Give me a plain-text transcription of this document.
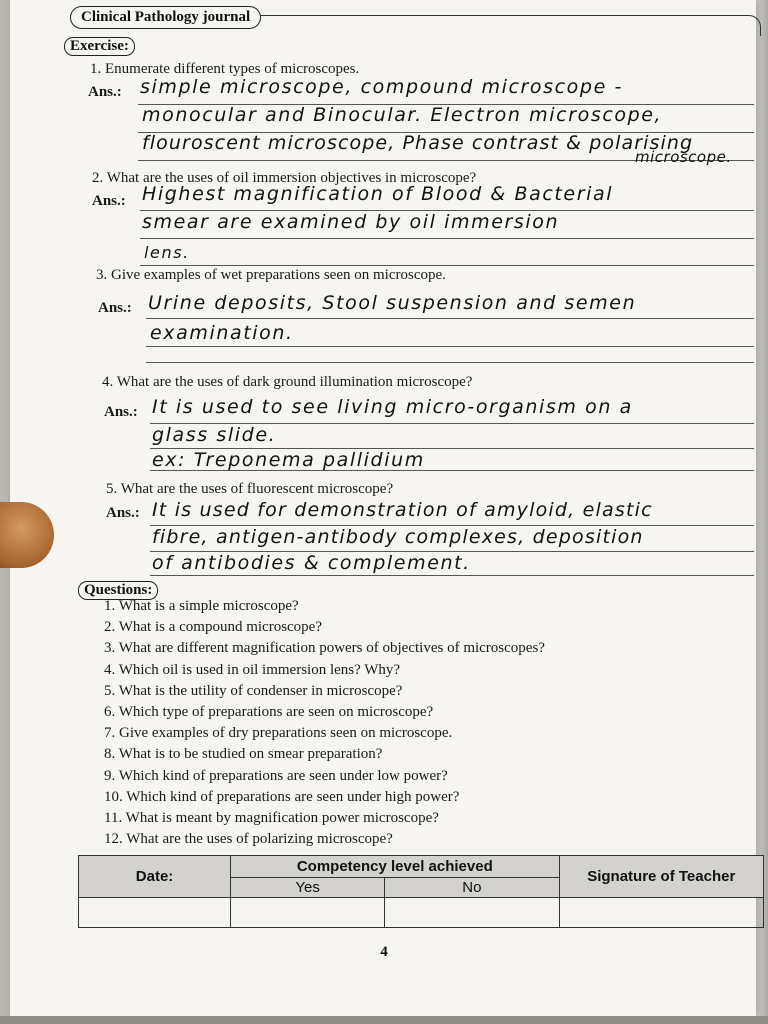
Clinical Pathology journal
Exercise:
1. Enumerate different types of microscopes.
Ans.: simple microscope, compound microscope -
monocular and Binocular. Electron microscope,
flouroscent microscope, Phase contrast & polarising
microscope.
2. What are the uses of oil immersion objectives in microscope?
Ans.: Highest magnification of Blood & Bacterial
smear are examined by oil immersion
lens.
3. Give examples of wet preparations seen on microscope.
Ans.: Urine deposits, Stool suspension and semen
examination.
4. What are the uses of dark ground illumination microscope?
Ans.: It is used to see living micro-organism on a
glass slide.
ex: Treponema pallidium
5. What are the uses of fluorescent microscope?
Ans.: It is used for demonstration of amyloid, elastic
fibre, antigen-antibody complexes, deposition
of antibodies & complement.
Questions:
1. What is a simple microscope?
2. What is a compound microscope?
3. What are different magnification powers of objectives of microscopes?
4. Which oil is used in oil immersion lens? Why?
5. What is the utility of condenser in microscope?
6. Which type of preparations are seen on microscope?
7. Give examples of dry preparations seen on microscope.
8. What is to be studied on smear preparation?
9. Which kind of preparations are seen under low power?
10. Which kind of preparations are seen under high power?
11. What is meant by magnification power microscope?
12. What are the uses of polarizing microscope?
Date:	Competency level achieved		Signature of Teacher
	Yes	No	

4
